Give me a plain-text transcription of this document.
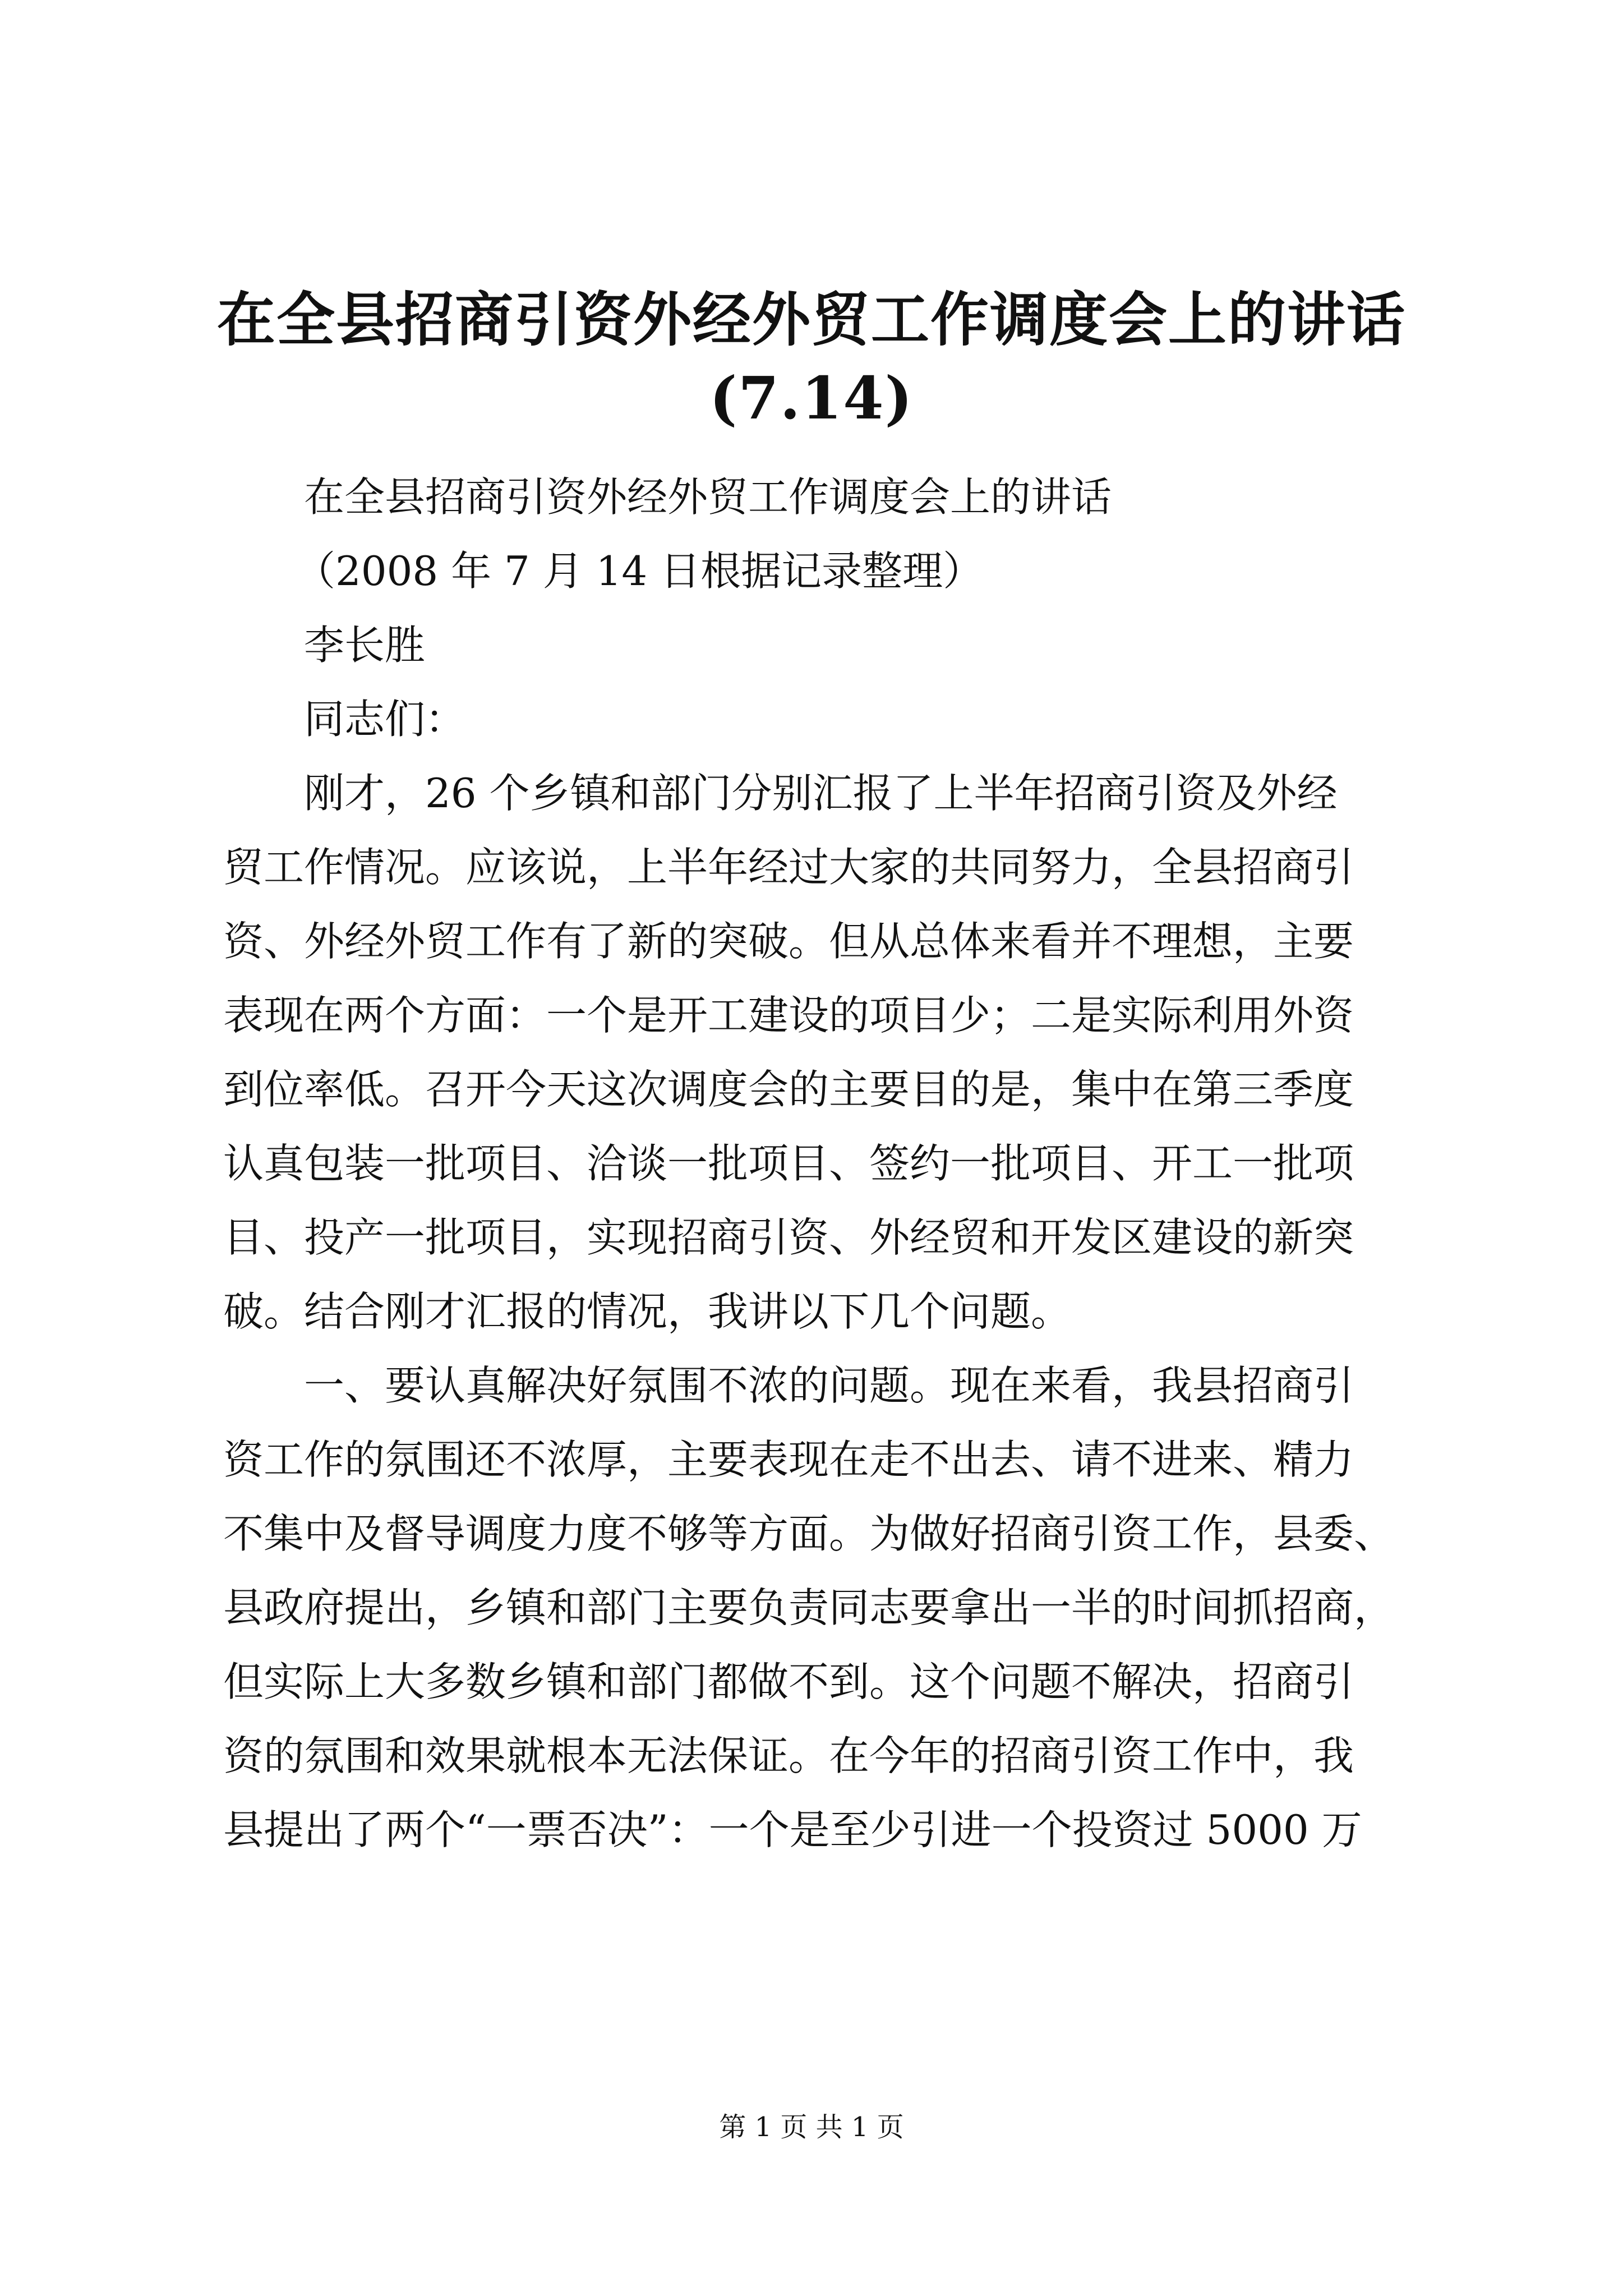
在全县招商引资外经外贸工作调度会上的讲话
(7.14)
在全县招商引资外经外贸工作调度会上的讲话
（2008 年 7 月 14 日根据记录整理）
李长胜
同志们：
刚才，26 个乡镇和部门分别汇报了上半年招商引资及外经
贸工作情况。应该说，上半年经过大家的共同努力，全县招商引
资、外经外贸工作有了新的突破。但从总体来看并不理想，主要
表现在两个方面：一个是开工建设的项目少；二是实际利用外资
到位率低。召开今天这次调度会的主要目的是，集中在第三季度
认真包装一批项目、洽谈一批项目、签约一批项目、开工一批项
目、投产一批项目，实现招商引资、外经贸和开发区建设的新突
破。结合刚才汇报的情况，我讲以下几个问题。
一、要认真解决好氛围不浓的问题。现在来看，我县招商引
资工作的氛围还不浓厚，主要表现在走不出去、请不进来、精力
不集中及督导调度力度不够等方面。为做好招商引资工作，县委、
县政府提出，乡镇和部门主要负责同志要拿出一半的时间抓招商，
但实际上大多数乡镇和部门都做不到。这个问题不解决，招商引
资的氛围和效果就根本无法保证。在今年的招商引资工作中，我
县提出了两个“一票否决”：一个是至少引进一个投资过 5000 万
第 1 页 共 1 页
